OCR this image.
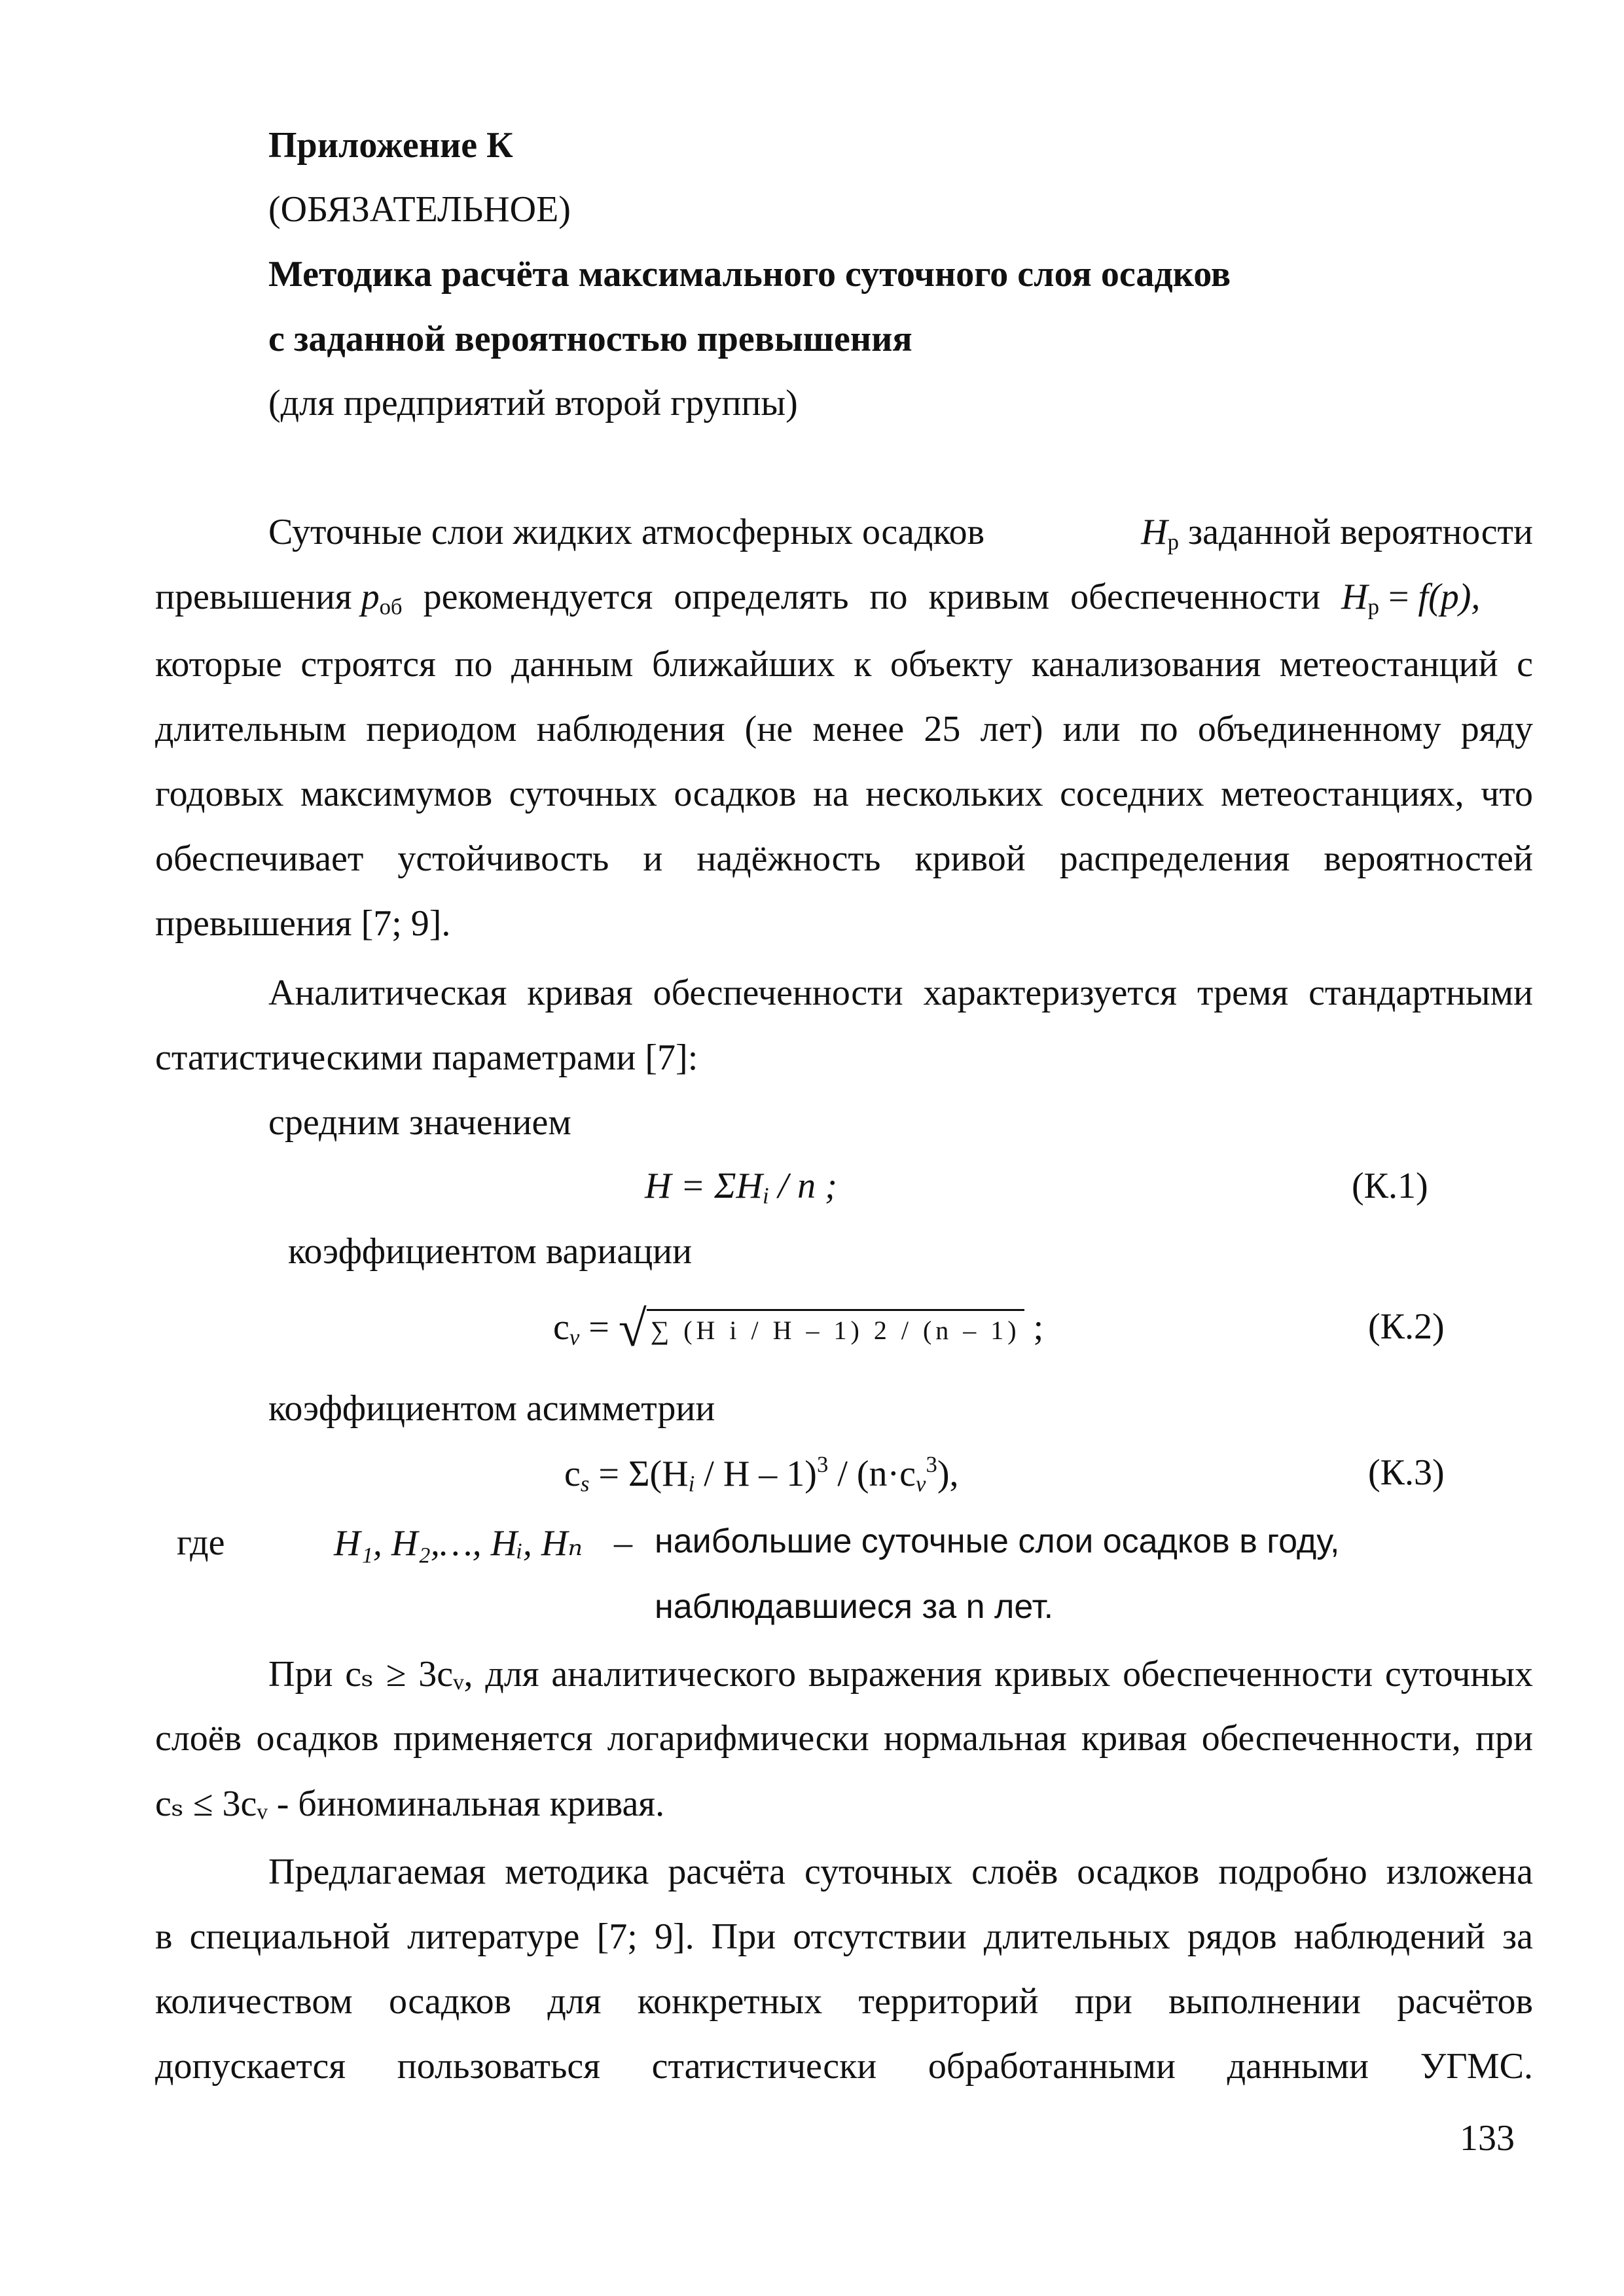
Приложение К
(ОБЯЗАТЕЛЬНОЕ)
Методика расчёта максимального суточного слоя осадков
с заданной вероятностью превышения
(для предприятий второй группы)
Суточные слои жидких атмосферных осадков	$H_р$ заданной вероятности
превышения $p_{об}$ рекомендуется определять по кривым обеспеченности $H_р = f(p)$,
которые строятся по данным ближайших к объекту канализования метеостанций с
длительным периодом наблюдения (не менее 25 лет) или по объединенному ряду
годовых максимумов суточных осадков на нескольких соседних метеостанциях, что
обеспечивает устойчивость и надёжность кривой распределения вероятностей
превышения [7; 9].
Аналитическая кривая обеспеченности характеризуется тремя стандартными
статистическими параметрами [7]:
средним значением
$H = \Sigma H_i / n$ ;	(К.1)
коэффициентом вариации
$c_v$ = √ ∑ (H i / H – 1) 2 / (n – 1) ;	(К.2)
коэффициентом асимметрии
$c_s = \Sigma(H_i / H - 1)^3 / (n\cdot c_v^3)$,	(К.3)
где	H₁, H₂,…, Hᵢ, Hₙ – наибольшие суточные слои осадков в году,
наблюдавшиеся за n лет.
При cₛ ≥ 3cᵥ, для аналитического выражения кривых обеспеченности суточных
слоёв осадков применяется логарифмически нормальная кривая обеспеченности, при
cₛ ≤ 3cᵥ - биноминальная кривая.
Предлагаемая методика расчёта суточных слоёв осадков подробно изложена
в специальной литературе [7; 9]. При отсутствии длительных рядов наблюдений за
количеством осадков для конкретных территорий при выполнении расчётов
допускается пользоваться статистически обработанными данными УГМС.
133
